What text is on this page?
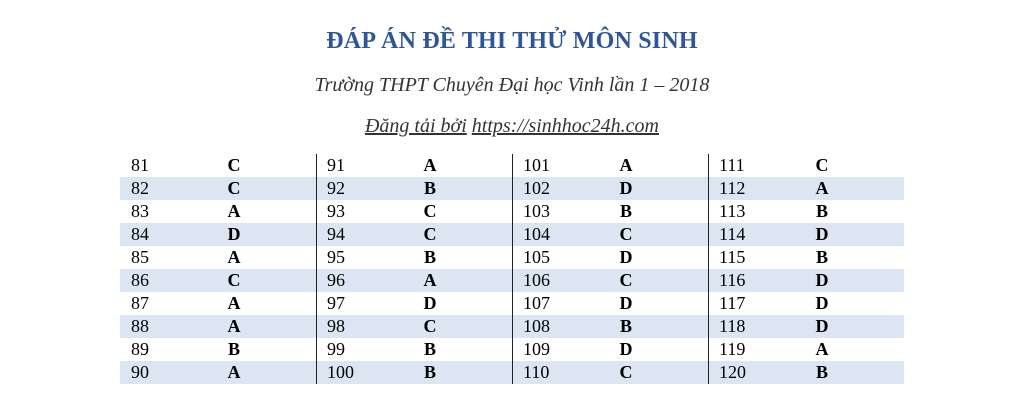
ĐÁP ÁN ĐỀ THI THỬ MÔN SINH
Trường THPT Chuyên Đại học Vinh lần 1 – 2018
Đăng tải bởi https://sinhhoc24h.com
81	C	91	A	101	A	111	C
82	C	92	B	102	D	112	A
83	A	93	C	103	B	113	B
84	D	94	C	104	C	114	D
85	A	95	B	105	D	115	B
86	C	96	A	106	C	116	D
87	A	97	D	107	D	117	D
88	A	98	C	108	B	118	D
89	B	99	B	109	D	119	A
90	A	100	B	110	C	120	B
